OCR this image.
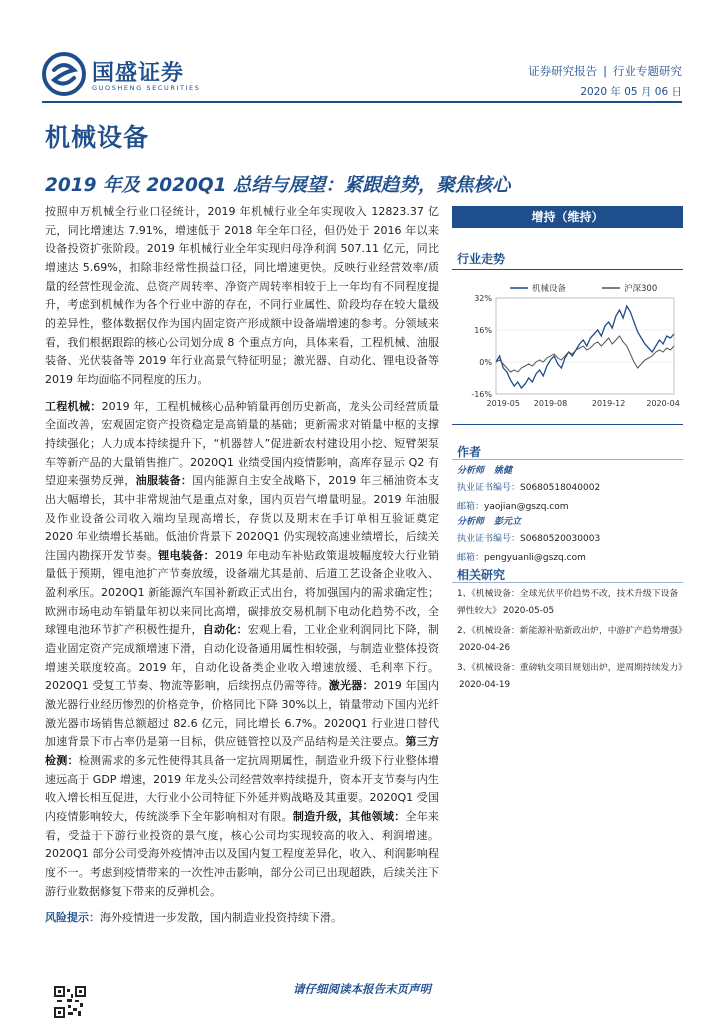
国盛证券
GUOSHENG SECURITIES
证券研究报告 | 行业专题研究
2020 年 05 月 06 日
机械设备
2019 年及 2020Q1 总结与展望：紧跟趋势，聚焦核心

按照申万机械全行业口径统计，2019 年机械行业全年实现收入 12823.37 亿元，同比增速达 7.91%，增速低于 2018 年全年口径，但仍处于 2016 年以来设备投资扩张阶段。2019 年机械行业全年实现归母净利润 507.11 亿元，同比增速达 5.69%，扣除非经常性损益口径，同比增速更快。反映行业经营效率/质量的经营性现金流、总资产周转率、净资产周转率相较于上一年均有不同程度提升，考虑到机械作为各个行业中游的存在，不同行业属性、阶段均存在较大量级的差异性，整体数据仅作为国内固定资产形成额中设备端增速的参考。分领域来看，我们根据跟踪的核心公司划分成 8 个重点方向，具体来看，工程机械、油服装备、光伏装备等 2019 年行业高景气特征明显；激光器、自动化、锂电设备等 2019 年均面临不同程度的压力。

工程机械：2019 年，工程机械核心品种销量再创历史新高，龙头公司经营质量全面改善，宏观固定资产投资稳定是高销量的基础；更新需求对销量中枢的支撑持续强化；人力成本持续提升下，“机器替人”促进新农村建设用小挖、短臂架泵车等新产品的大量销售推广。2020Q1 业绩受国内疫情影响，高库存显示 Q2 有望迎来强势反弹，油服装备：国内能源自主安全战略下，2019 年三桶油资本支出大幅增长，其中非常规油气是重点对象，国内页岩气增量明显。2019 年油服及作业设备公司收入端均呈现高增长，存货以及期末在手订单相互验证奠定 2020 年业绩增长基础。低油价背景下 2020Q1 仍实现较高速业绩增长，后续关注国内勘探开发节奏。锂电装备：2019 年电动车补贴政策退坡幅度较大行业销量低于预期，锂电池扩产节奏放缓，设备端尤其是前、后道工艺设备企业收入、盈利承压。2020Q1 新能源汽车国补新政正式出台，将加强国内的需求确定性；欧洲市场电动车销量年初以来同比高增，碳排放交易机制下电动化趋势不改，全球锂电池环节扩产积极性提升，自动化：宏观上看，工业企业利润同比下降，制造业固定资产完成额增速下滑，自动化设备通用属性相较强，与制造业整体投资增速关联度较高。2019 年，自动化设备类企业收入增速放缓、毛利率下行。2020Q1 受复工节奏、物流等影响，后续拐点仍需等待。激光器：2019 年国内激光器行业经历惨烈的价格竞争，价格同比下降 30%以上，销量带动下国内光纤激光器市场销售总额超过 82.6 亿元，同比增长 6.7%。2020Q1 行业进口替代加速背景下市占率仍是第一目标，供应链管控以及产品结构是关注要点。第三方检测：检测需求的多元性使得其具备一定抗周期属性，制造业升级下行业整体增速远高于 GDP 增速，2019 年龙头公司经营效率持续提升，资本开支节奏与内生收入增长相互促进，大行业小公司特征下外延并购战略及其重要。2020Q1 受国内疫情影响较大，传统淡季下全年影响相对有限。制造升级，其他领域：全年来看，受益于下游行业投资的景气度，核心公司均实现较高的收入、利润增速。2020Q1 部分公司受海外疫情冲击以及国内复工程度差异化，收入、利润影响程度不一。考虑到疫情带来的一次性冲击影响，部分公司已出现超跌，后续关注下游行业数据修复下带来的反弹机会。

风险提示：海外疫情进一步发散，国内制造业投资持续下滑。

增持（维持）
行业走势
32%
16%
0%
-16%
2019-05 2019-08	2019-12	2020-04
机械设备	沪深300
作者
分析师 姚健
执业证书编号：S0680518040002
邮箱：yaojian@gszq.com
分析师 彭元立
执业证书编号：S0680520030003
邮箱：pengyuanli@gszq.com
相关研究
1、《机械设备：全球光伏平价趋势不改，技术升级下设备弹性较大》 2020-05-05
2、《机械设备：新能源补贴新政出炉，中游扩产趋势增强》2020-04-26
3、《机械设备：重磅轨交项目规划出炉，逆周期持续发力》2020-04-19
请仔细阅读本报告末页声明
